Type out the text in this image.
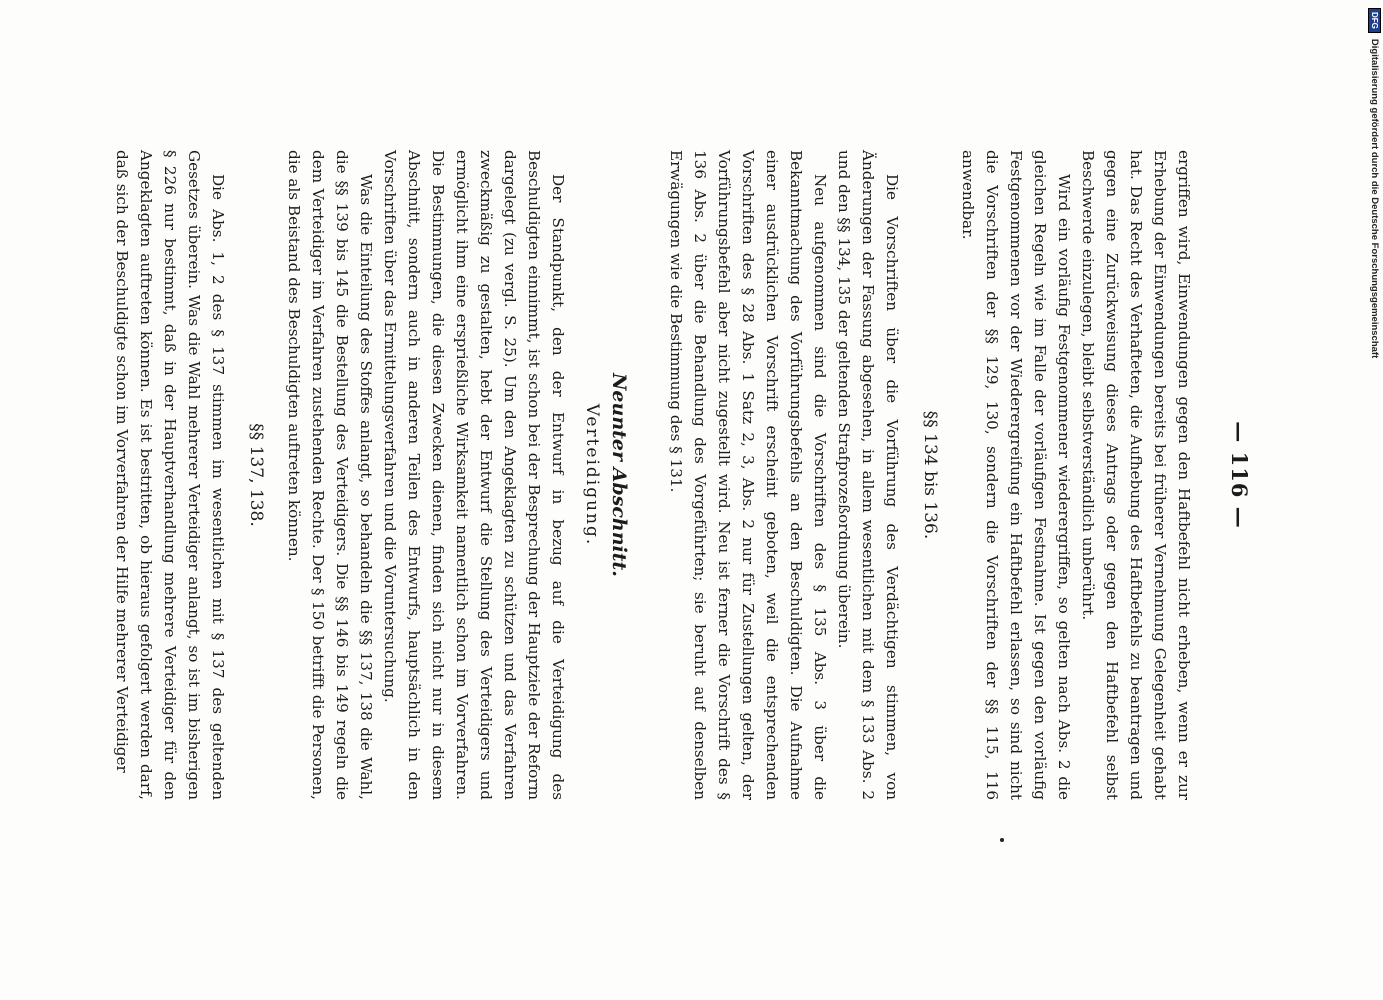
— 116 —

ergriffen wird, Einwendungen gegen den Haftbefehl nicht erheben, wenn er zur Erhebung der Einwendungen bereits bei früherer Vernehmung Gelegenheit gehabt hat. Das Recht des Verhafteten, die Aufhebung des Haftbefehls zu beantragen und gegen eine Zurückweisung dieses Antrags oder gegen den Haftbefehl selbst Beschwerde einzulegen, bleibt selbstverständlich unberührt.

Wird ein vorläufig Festgenommener wiederergriffen, so gelten nach Abs. 2 die gleichen Regeln wie im Falle der vorläufigen Festnahme. Ist gegen den vorläufig Festgenommenen vor der Wiederergreifung ein Haftbefehl erlassen, so sind nicht die Vorschriften der §§ 129, 130, sondern die Vorschriften der §§ 115, 116 anwendbar.

§§ 134 bis 136.

Die Vorschriften über die Vorführung des Verdächtigen stimmen, von Änderungen der Fassung abgesehen, in allem wesentlichen mit dem § 133 Abs. 2 und den §§ 134, 135 der geltenden Strafprozeßordnung überein.

Neu aufgenommen sind die Vorschriften des § 135 Abs. 3 über die Bekanntmachung des Vorführungsbefehls an den Beschuldigten. Die Aufnahme einer ausdrücklichen Vorschrift erscheint geboten, weil die entsprechenden Vorschriften des § 28 Abs. 1 Satz 2, 3, Abs. 2 nur für Zustellungen gelten, der Vorführungsbefehl aber nicht zugestellt wird. Neu ist ferner die Vorschrift des § 136 Abs. 2 über die Behandlung des Vorgeführten; sie beruht auf denselben Erwägungen wie die Bestimmung des § 131.

Neunter Abschnitt.
Verteidigung.

Der Standpunkt, den der Entwurf in bezug auf die Verteidigung des Beschuldigten einnimmt, ist schon bei der Besprechung der Hauptziele der Reform dargelegt (zu vergl. S. 25). Um den Angeklagten zu schützen und das Verfahren zweckmäßig zu gestalten, hebt der Entwurf die Stellung des Verteidigers und ermöglicht ihm eine ersprießliche Wirksamkeit namentlich schon im Vorverfahren. Die Bestimmungen, die diesen Zwecken dienen, finden sich nicht nur in diesem Abschnitt, sondern auch in anderen Teilen des Entwurfs, hauptsächlich in den Vorschriften über das Ermittelungsverfahren und die Voruntersuchung.

Was die Einteilung des Stoffes anlangt, so behandeln die §§ 137, 138 die Wahl, die §§ 139 bis 145 die Bestellung des Verteidigers. Die §§ 146 bis 149 regeln die dem Verteidiger im Verfahren zustehenden Rechte. Der § 150 betrifft die Personen, die als Beistand des Beschuldigten auftreten können.

§§ 137, 138.

Die Abs. 1, 2 des § 137 stimmen im wesentlichen mit § 137 des geltenden Gesetzes überein. Was die Wahl mehrerer Verteidiger anlangt, so ist im bisherigen § 226 nur bestimmt, daß in der Hauptverhandlung mehrere Verteidiger für den Angeklagten auftreten können. Es ist bestritten, ob hieraus gefolgert werden darf, daß sich der Beschuldigte schon im Vorverfahren der Hilfe mehrerer Verteidiger

DFG
Digitalisierung gefördert durch die Deutsche Forschungsgemeinschaft
